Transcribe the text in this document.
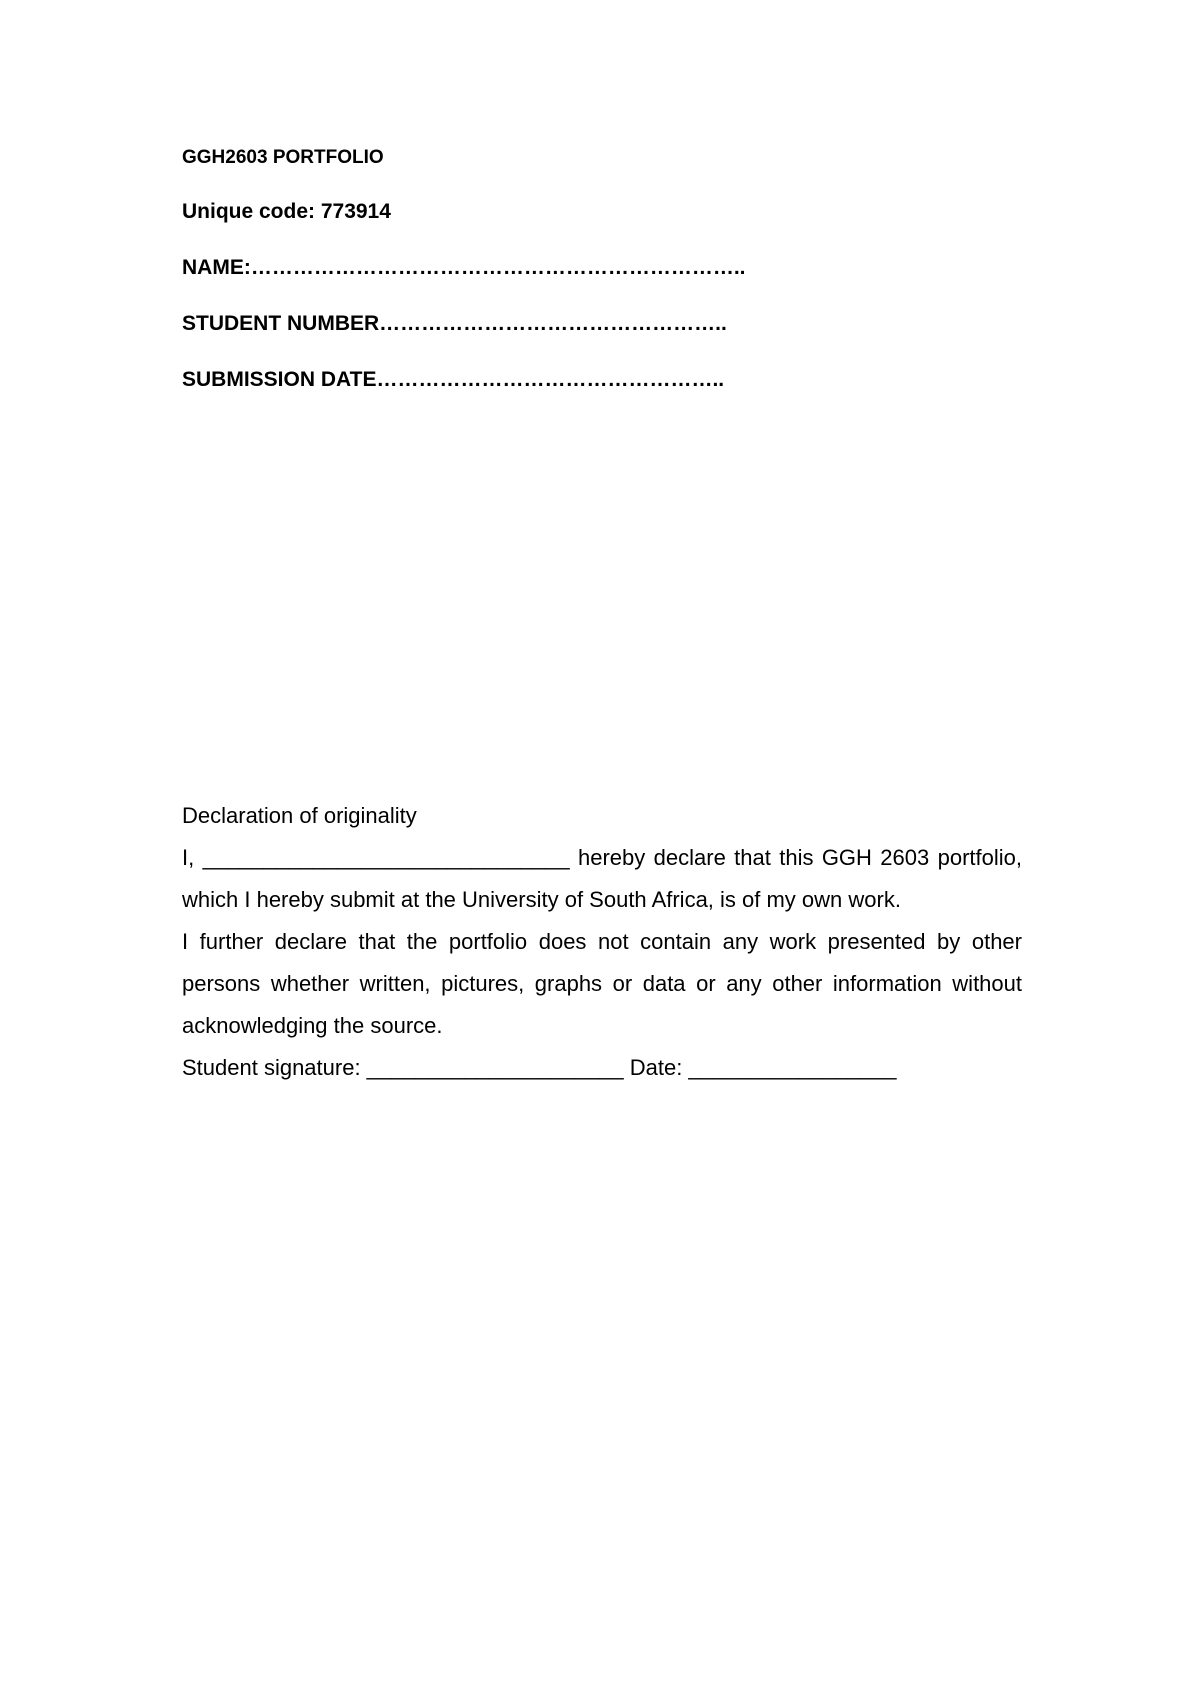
GGH2603 PORTFOLIO
Unique code: 773914
NAME:……………………………………………………………..
STUDENT NUMBER…………………………………………..
SUBMISSION DATE…………………………………………..

Declaration of originality

I, ______________________________ hereby declare that this GGH 2603 portfolio, which I hereby submit at the University of South Africa, is of my own work.

I further declare that the portfolio does not contain any work presented by other persons whether written, pictures, graphs or data or any other information without acknowledging the source.

Student signature: _____________________ Date: _________________
